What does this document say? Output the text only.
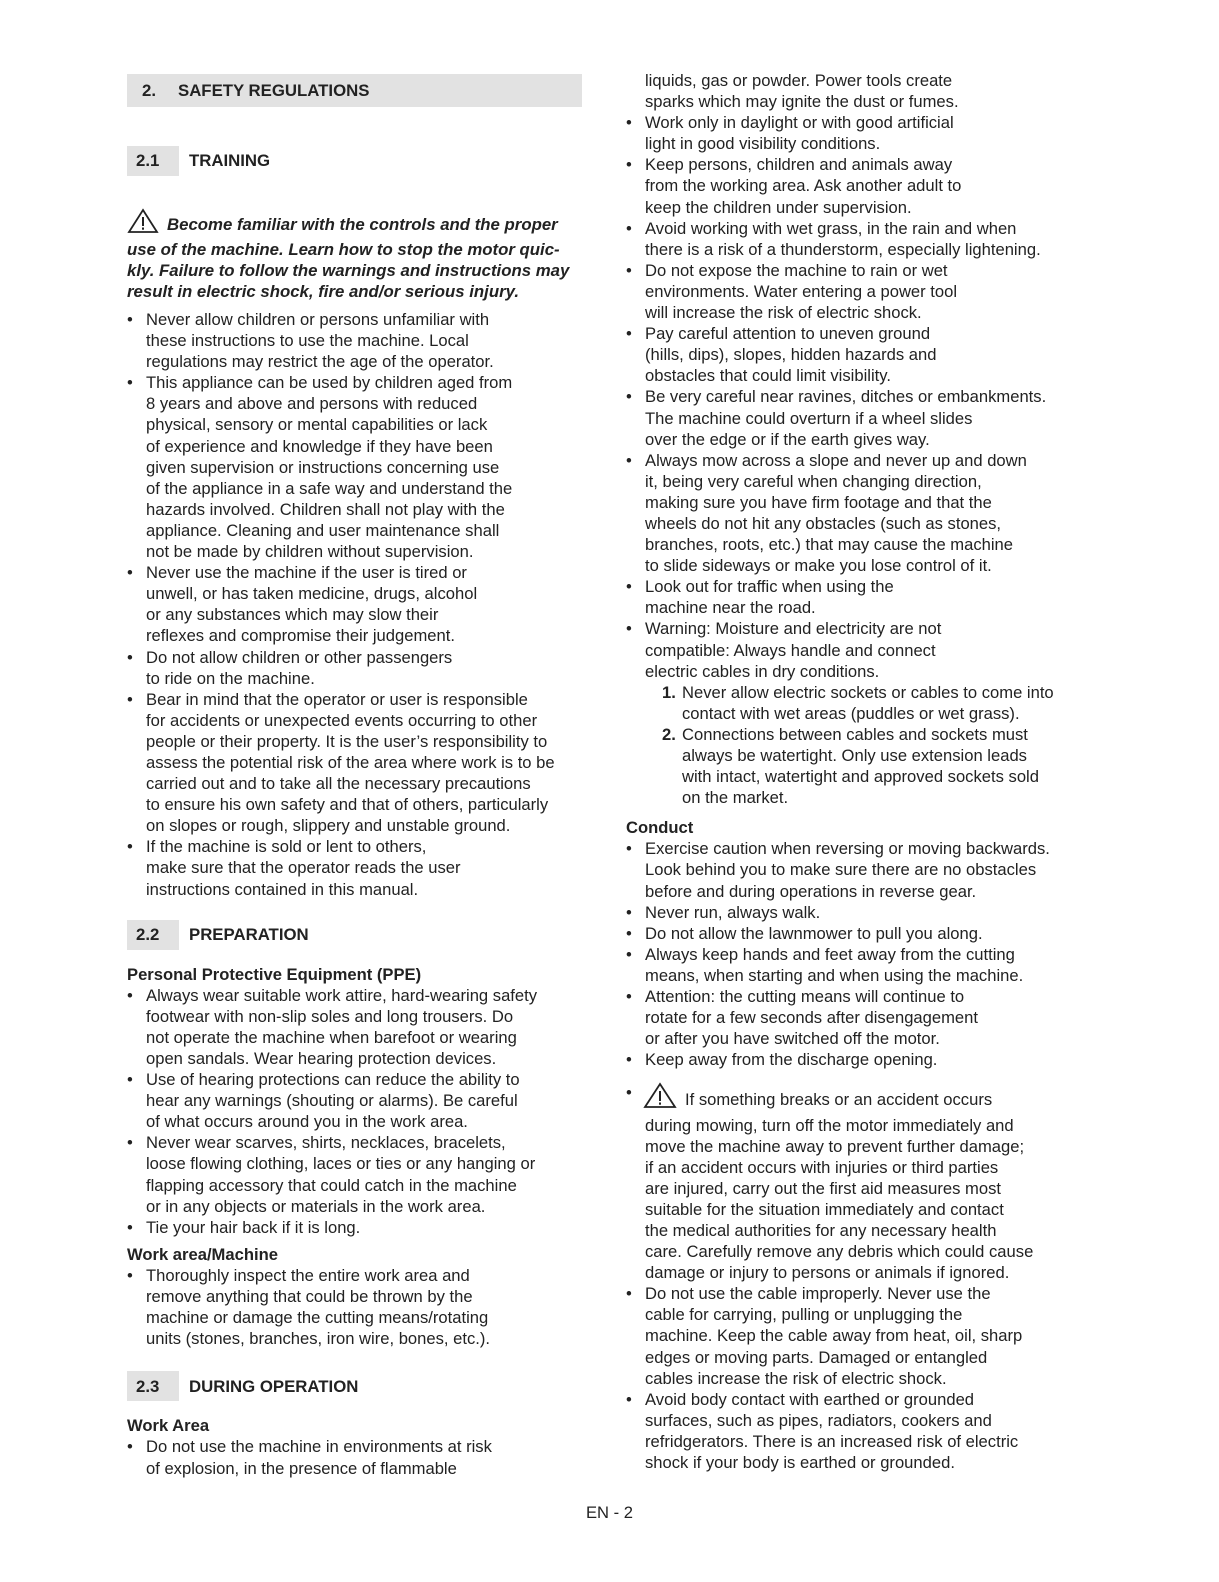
2.	SAFETY REGULATIONS
2.1	TRAINING
Become familiar with the controls and the proper use of the machine. Learn how to stop the motor quic-kly. Failure to follow the warnings and instructions may result in electric shock, fire and/or serious injury.
• Never allow children or persons unfamiliar with
these instructions to use the machine. Local
regulations may restrict the age of the operator.
• This appliance can be used by children aged from
8 years and above and persons with reduced
physical, sensory or mental capabilities or lack
of experience and knowledge if they have been
given supervision or instructions concerning use
of the appliance in a safe way and understand the
hazards involved. Children shall not play with the
appliance. Cleaning and user maintenance shall
not be made by children without supervision.
• Never use the machine if the user is tired or
unwell, or has taken medicine, drugs, alcohol
or any substances which may slow their
reflexes and compromise their judgement.
• Do not allow children or other passengers
to ride on the machine.
• Bear in mind that the operator or user is responsible
for accidents or unexpected events occurring to other
people or their property. It is the user’s responsibility to
assess the potential risk of the area where work is to be
carried out and to take all the necessary precautions
to ensure his own safety and that of others, particularly
on slopes or rough, slippery and unstable ground.
• If the machine is sold or lent to others,
make sure that the operator reads the user
instructions contained in this manual.
2.2	PREPARATION
Personal Protective Equipment (PPE)
• Always wear suitable work attire, hard-wearing safety
footwear with non-slip soles and long trousers. Do
not operate the machine when barefoot or wearing
open sandals. Wear hearing protection devices.
• Use of hearing protections can reduce the ability to
hear any warnings (shouting or alarms). Be careful
of what occurs around you in the work area.
• Never wear scarves, shirts, necklaces, bracelets,
loose flowing clothing, laces or ties or any hanging or
flapping accessory that could catch in the machine
or in any objects or materials in the work area.
• Tie your hair back if it is long.
Work area/Machine
• Thoroughly inspect the entire work area and
remove anything that could be thrown by the
machine or damage the cutting means/rotating
units (stones, branches, iron wire, bones, etc.).
2.3	DURING OPERATION
Work Area
• Do not use the machine in environments at risk
of explosion, in the presence of flammable
liquids, gas or powder. Power tools create
sparks which may ignite the dust or fumes.
• Work only in daylight or with good artificial
light in good visibility conditions.
• Keep persons, children and animals away
from the working area. Ask another adult to
keep the children under supervision.
• Avoid working with wet grass, in the rain and when
there is a risk of a thunderstorm, especially lightening.
• Do not expose the machine to rain or wet
environments. Water entering a power tool
will increase the risk of electric shock.
• Pay careful attention to uneven ground
(hills, dips), slopes, hidden hazards and
obstacles that could limit visibility.
• Be very careful near ravines, ditches or embankments.
The machine could overturn if a wheel slides
over the edge or if the earth gives way.
• Always mow across a slope and never up and down
it, being very careful when changing direction,
making sure you have firm footage and that the
wheels do not hit any obstacles (such as stones,
branches, roots, etc.) that may cause the machine
to slide sideways or make you lose control of it.
• Look out for traffic when using the
machine near the road.
• Warning: Moisture and electricity are not
compatible: Always handle and connect
electric cables in dry conditions.
1. Never allow electric sockets or cables to come into
contact with wet areas (puddles or wet grass).
2. Connections between cables and sockets must
always be watertight. Only use extension leads
with intact, watertight and approved sockets sold
on the market.
Conduct
• Exercise caution when reversing or moving backwards.
Look behind you to make sure there are no obstacles
before and during operations in reverse gear.
• Never run, always walk.
• Do not allow the lawnmower to pull you along.
• Always keep hands and feet away from the cutting
means, when starting and when using the machine.
• Attention: the cutting means will continue to
rotate for a few seconds after disengagement
or after you have switched off the motor.
• Keep away from the discharge opening.
• If something breaks or an accident occurs
during mowing, turn off the motor immediately and
move the machine away to prevent further damage;
if an accident occurs with injuries or third parties
are injured, carry out the first aid measures most
suitable for the situation immediately and contact
the medical authorities for any necessary health
care. Carefully remove any debris which could cause
damage or injury to persons or animals if ignored.
• Do not use the cable improperly. Never use the
cable for carrying, pulling or unplugging the
machine. Keep the cable away from heat, oil, sharp
edges or moving parts. Damaged or entangled
cables increase the risk of electric shock.
• Avoid body contact with earthed or grounded
surfaces, such as pipes, radiators, cookers and
refridgerators. There is an increased risk of electric
shock if your body is earthed or grounded.
EN - 2
